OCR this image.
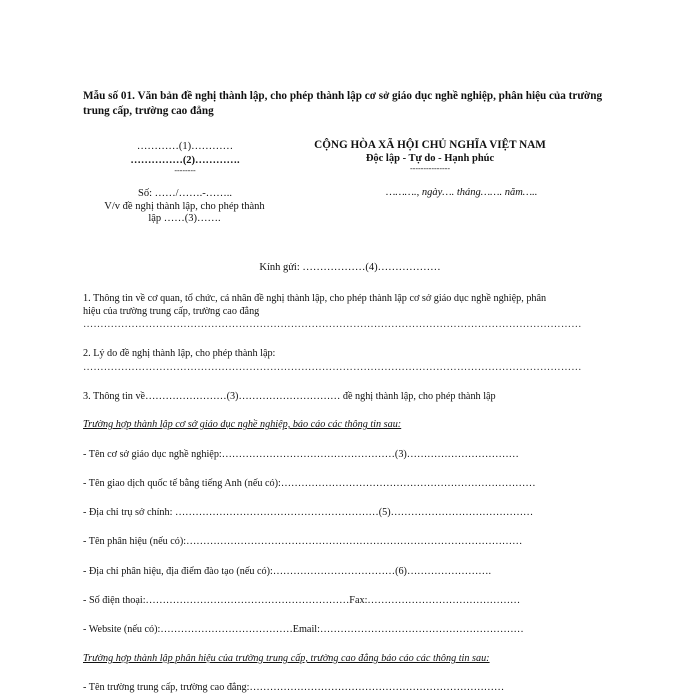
Mẫu số 01. Văn bản đề nghị thành lập, cho phép thành lập cơ sở giáo dục nghề nghiệp, phân hiệu của trường trung cấp, trường cao đẳng
…………(1)…………
……………(2)………….
--------
Số: ……/…….-……..
V/v đề nghị thành lập, cho phép thành
lập ……(3)…….
CỘNG HÒA XÃ HỘI CHỦ NGHĨA VIỆT NAM
Độc lập - Tự do - Hạnh phúc
---------------
………., ngày…. tháng……. năm…..
Kính gửi: ………………(4)………………
1. Thông tin về cơ quan, tổ chức, cá nhân đề nghị thành lập, cho phép thành lập cơ sở giáo dục nghề nghiệp, phân
hiệu của trường trung cấp, trường cao đẳng
………………………………………………………………………………………………………………………………
2. Lý do đề nghị thành lập, cho phép thành lập:
………………………………………………………………………………………………………………………………
3. Thông tin về……………………(3)………………………… đề nghị thành lập, cho phép thành lập
Trường hợp thành lập cơ sở giáo dục nghề nghiệp, báo cáo các thông tin sau:
- Tên cơ sở giáo dục nghề nghiệp:……………………………………………(3)……………………………
- Tên giao dịch quốc tế bằng tiếng Anh (nếu có):…………………………………………………………………
- Địa chỉ trụ sở chính: ……………………………………………………(5)……………………………………
- Tên phân hiệu (nếu có):………………………………………………………………………………………
- Địa chỉ phân hiệu, địa điểm đào tạo (nếu có):………………………………(6)…………………….
- Số điện thoại:……………………………………………………Fax:………………………………………
- Website (nếu có):…………………………………Email:……………………………………………………
Trường hợp thành lập phân hiệu của trường trung cấp, trường cao đẳng báo cáo các thông tin sau:
- Tên trường trung cấp, trường cao đẳng:…………………………………………………………………
